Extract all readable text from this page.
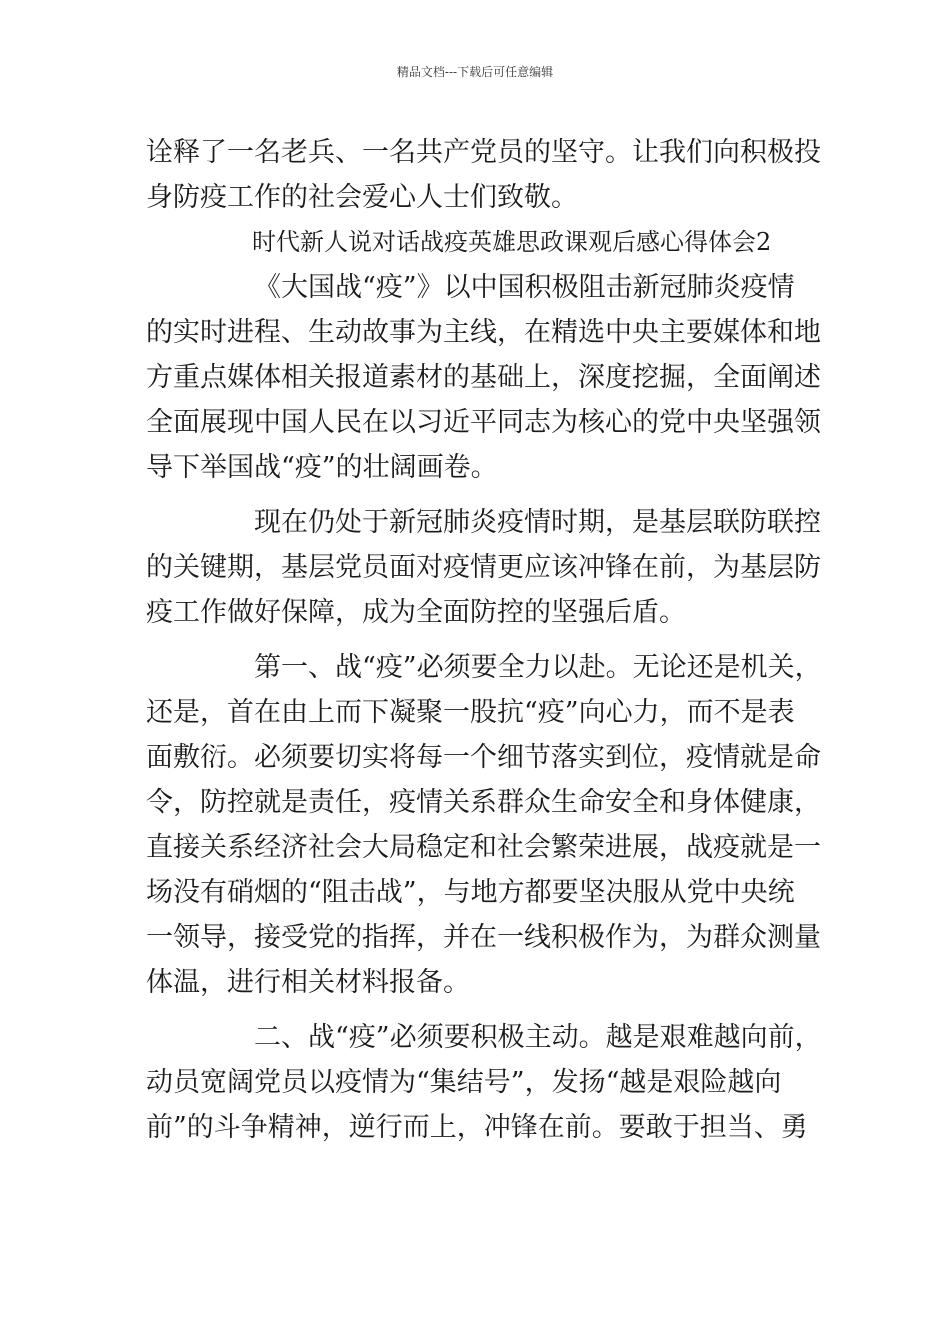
精品文档---下载后可任意编辑
诠释了一名老兵、一名共产党员的坚守。让我们向积极投
身防疫工作的社会爱心人士们致敬。
时代新人说对话战疫英雄思政课观后感心得体会2
《大国战“疫”》以中国积极阻击新冠肺炎疫情
的实时进程、生动故事为主线，在精选中央主要媒体和地
方重点媒体相关报道素材的基础上，深度挖掘，全面阐述
全面展现中国人民在以习近平同志为核心的党中央坚强领
导下举国战“疫”的壮阔画卷。
现在仍处于新冠肺炎疫情时期，是基层联防联控
的关键期，基层党员面对疫情更应该冲锋在前，为基层防
疫工作做好保障，成为全面防控的坚强后盾。
第一、战“疫”必须要全力以赴。无论还是机关，
还是，首在由上而下凝聚一股抗“疫”向心力，而不是表
面敷衍。必须要切实将每一个细节落实到位，疫情就是命
令，防控就是责任，疫情关系群众生命安全和身体健康，
直接关系经济社会大局稳定和社会繁荣进展，战疫就是一
场没有硝烟的“阻击战”，与地方都要坚决服从党中央统
一领导，接受党的指挥，并在一线积极作为，为群众测量
体温，进行相关材料报备。
二、战“疫”必须要积极主动。越是艰难越向前，
动员宽阔党员以疫情为“集结号”，发扬“越是艰险越向
前”的斗争精神，逆行而上，冲锋在前。要敢于担当、勇
